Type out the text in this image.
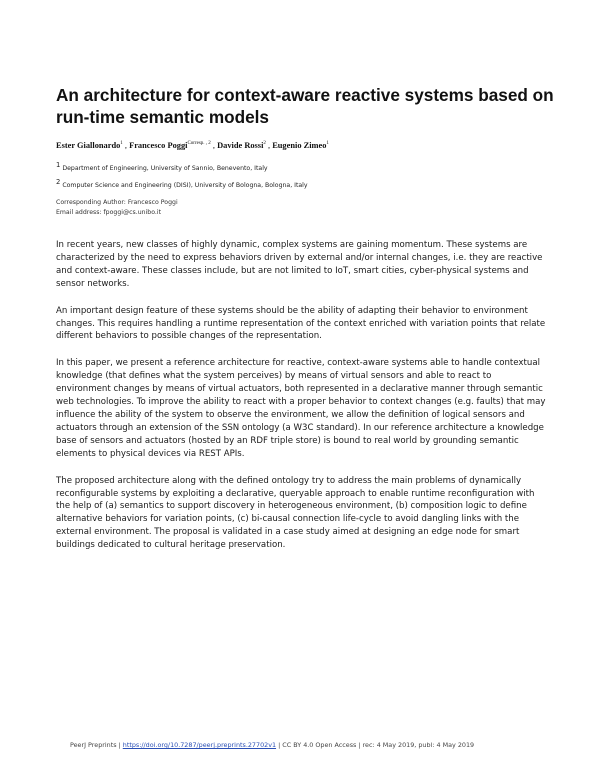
An architecture for context-aware reactive systems based on run-time semantic models
Ester Giallonardo$^1$ , Francesco Poggi$^{Corresp. , 2}$ , Davide Rossi$^2$ , Eugenio Zimeo$^1$
$^1$ Department of Engineering, University of Sannio, Benevento, Italy
$^2$ Computer Science and Engineering (DISI), University of Bologna, Bologna, Italy
Corresponding Author: Francesco Poggi
Email address: fpoggi@cs.unibo.it

In recent years, new classes of highly dynamic, complex systems are gaining momentum. These systems are characterized by the need to express behaviors driven by external and/or internal changes, i.e. they are reactive and context-aware. These classes include, but are not limited to IoT, smart cities, cyber-physical systems and sensor networks.

An important design feature of these systems should be the ability of adapting their behavior to environment changes. This requires handling a runtime representation of the context enriched with variation points that relate different behaviors to possible changes of the representation.

In this paper, we present a reference architecture for reactive, context-aware systems able to handle contextual knowledge (that defines what the system perceives) by means of virtual sensors and able to react to environment changes by means of virtual actuators, both represented in a declarative manner through semantic web technologies. To improve the ability to react with a proper behavior to context changes (e.g. faults) that may influence the ability of the system to observe the environment, we allow the definition of logical sensors and actuators through an extension of the SSN ontology (a W3C standard). In our reference architecture a knowledge base of sensors and actuators (hosted by an RDF triple store) is bound to real world by grounding semantic elements to physical devices via REST APIs.

The proposed architecture along with the defined ontology try to address the main problems of dynamically reconfigurable systems by exploiting a declarative, queryable approach to enable runtime reconfiguration with the help of (a) semantics to support discovery in heterogeneous environment, (b) composition logic to define alternative behaviors for variation points, (c) bi-causal connection life-cycle to avoid dangling links with the external environment. The proposal is validated in a case study aimed at designing an edge node for smart buildings dedicated to cultural heritage preservation.

PeerJ Preprints | https://doi.org/10.7287/peerj.preprints.27702v1 | CC BY 4.0 Open Access | rec: 4 May 2019, publ: 4 May 2019
